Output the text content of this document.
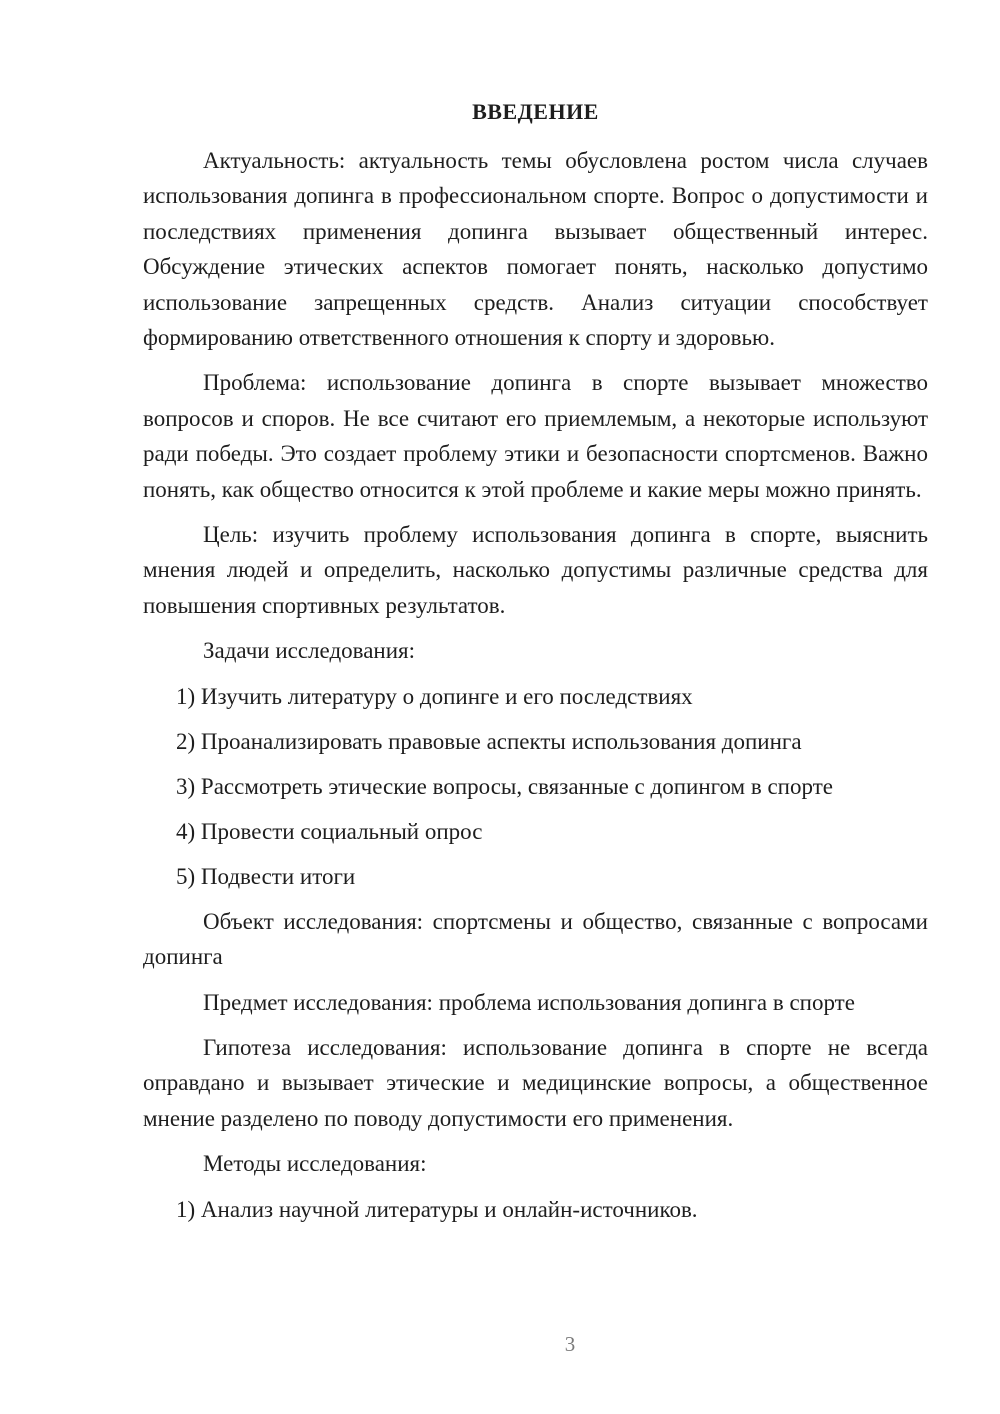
ВВЕДЕНИЕ
Актуальность: актуальность темы обусловлена ростом числа случаев использования допинга в профессиональном спорте. Вопрос о допустимости и последствиях применения допинга вызывает общественный интерес. Обсуждение этических аспектов помогает понять, насколько допустимо использование запрещенных средств. Анализ ситуации способствует формированию ответственного отношения к спорту и здоровью.
Проблема: использование допинга в спорте вызывает множество вопросов и споров. Не все считают его приемлемым, а некоторые используют ради победы. Это создает проблему этики и безопасности спортсменов. Важно понять, как общество относится к этой проблеме и какие меры можно принять.
Цель: изучить проблему использования допинга в спорте, выяснить мнения людей и определить, насколько допустимы различные средства для повышения спортивных результатов.
Задачи исследования:
1) Изучить литературу о допинге и его последствиях
2) Проанализировать правовые аспекты использования допинга
3) Рассмотреть этические вопросы, связанные с допингом в спорте
4) Провести социальный опрос
5) Подвести итоги
Объект исследования: спортсмены и общество, связанные с вопросами допинга
Предмет исследования: проблема использования допинга в спорте
Гипотеза исследования: использование допинга в спорте не всегда оправдано и вызывает этические и медицинские вопросы, а общественное мнение разделено по поводу допустимости его применения.
Методы исследования:
1) Анализ научной литературы и онлайн-источников.
3
